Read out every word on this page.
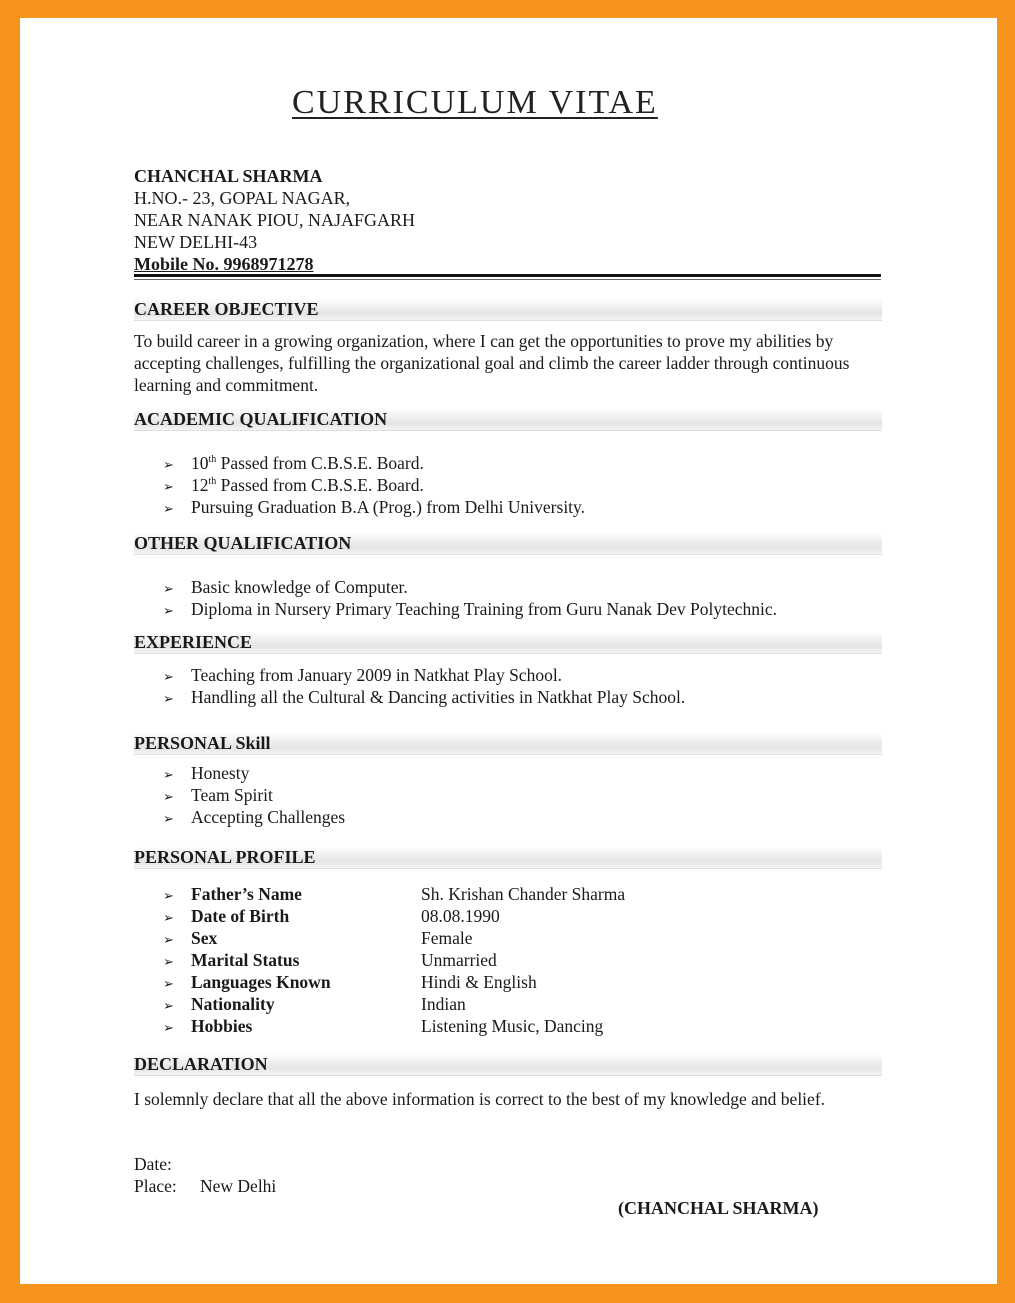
CURRICULUM VITAE
CHANCHAL SHARMA
H.NO.- 23, GOPAL NAGAR,
NEAR NANAK PIOU, NAJAFGARH
NEW DELHI-43
Mobile No. 9968971278
CAREER OBJECTIVE
To build career in a growing organization, where I can get the opportunities to prove my abilities by accepting challenges, fulfilling the organizational goal and climb the career ladder through continuous learning and commitment.
ACADEMIC QUALIFICATION
➢ 10th Passed from C.B.S.E. Board.
➢ 12th Passed from C.B.S.E. Board.
➢ Pursuing Graduation B.A (Prog.) from Delhi University.
OTHER QUALIFICATION
➢ Basic knowledge of Computer.
➢ Diploma in Nursery Primary Teaching Training from Guru Nanak Dev Polytechnic.
EXPERIENCE
➢ Teaching from January 2009 in Natkhat Play School.
➢ Handling all the Cultural & Dancing activities in Natkhat Play School.
PERSONAL Skill
➢ Honesty
➢ Team Spirit
➢ Accepting Challenges
PERSONAL PROFILE
➢ Father’s Name	Sh. Krishan Chander Sharma
➢ Date of Birth	08.08.1990
➢ Sex	Female
➢ Marital Status	Unmarried
➢ Languages Known	Hindi & English
➢ Nationality	Indian
➢ Hobbies	Listening Music, Dancing
DECLARATION
I solemnly declare that all the above information is correct to the best of my knowledge and belief.
Date:
Place: New Delhi
(CHANCHAL SHARMA)
